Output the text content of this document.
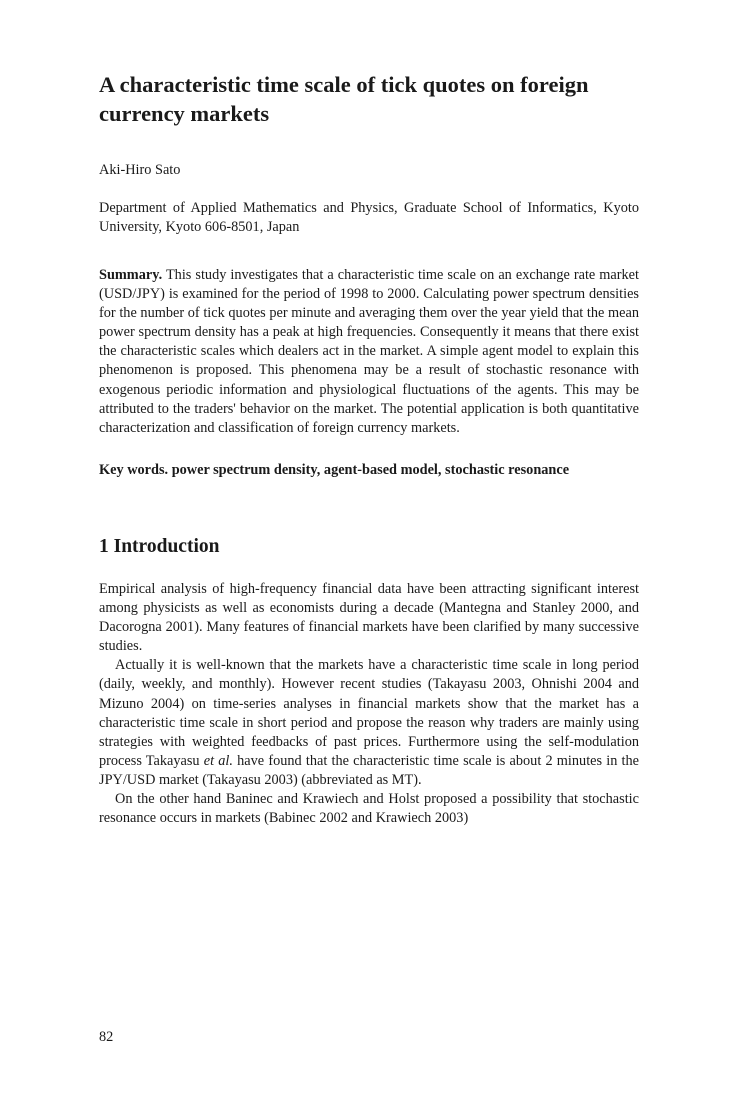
A characteristic time scale of tick quotes on foreign currency markets

Aki-Hiro Sato

Department of Applied Mathematics and Physics, Graduate School of Informatics, Kyoto University, Kyoto 606-8501, Japan

Summary. This study investigates that a characteristic time scale on an exchange rate market (USD/JPY) is examined for the period of 1998 to 2000. Calculating power spectrum densities for the number of tick quotes per minute and averaging them over the year yield that the mean power spectrum density has a peak at high frequencies. Consequently it means that there exist the characteristic scales which dealers act in the market. A simple agent model to explain this phenomenon is proposed. This phenomena may be a result of stochastic resonance with exogenous periodic information and physiological fluctuations of the agents. This may be attributed to the traders' behavior on the market. The potential application is both quantitative characterization and classification of foreign currency markets.

Key words. power spectrum density, agent-based model, stochastic resonance

1 Introduction

Empirical analysis of high-frequency financial data have been attracting significant interest among physicists as well as economists during a decade (Mantegna and Stanley 2000, and Dacorogna 2001). Many features of financial markets have been clarified by many successive studies.

Actually it is well-known that the markets have a characteristic time scale in long period (daily, weekly, and monthly). However recent studies (Takayasu 2003, Ohnishi 2004 and Mizuno 2004) on time-series analyses in financial markets show that the market has a characteristic time scale in short period and propose the reason why traders are mainly using strategies with weighted feedbacks of past prices. Furthermore using the self-modulation process Takayasu et al. have found that the characteristic time scale is about 2 minutes in the JPY/USD market (Takayasu 2003) (abbreviated as MT).

On the other hand Baninec and Krawiech and Holst proposed a possibility that stochastic resonance occurs in markets (Babinec 2002 and Krawiech 2003)

82
